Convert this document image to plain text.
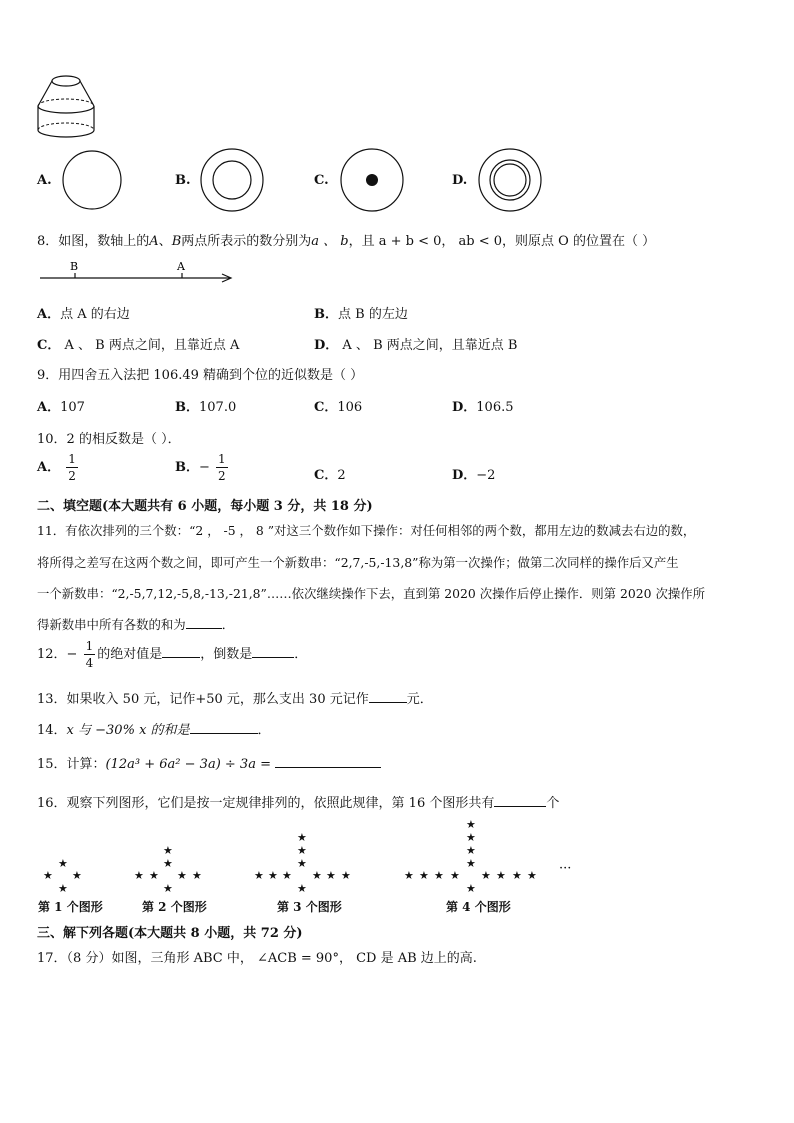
A.	B.	C.	D.
8．如图，数轴上的A、B两点所表示的数分别为a 、 b，且 a + b < 0， ab < 0，则原点 O 的位置在（ ）
B	A
A．点 A 的右边	B．点 B 的左边
C． A 、 B 两点之间，且靠近点 A	D． A 、 B 两点之间，且靠近点 B
9．用四舍五入法把 106.49 精确到个位的近似数是（ ）
A．107	B．107.0	C．106	D．106.5
10．2 的相反数是（ ）．
A． $\frac{1}{2}$	B．− $\frac{1}{2}$	C．2	D．−2
二、填空题(本大题共有 6 小题，每小题 3 分，共 18 分)
11．有依次排列的三个数：“2 ， -5 ， 8 ”对这三个数作如下操作：对任何相邻的两个数，都用左边的数减去右边的数，
将所得之差写在这两个数之间，即可产生一个新数串：“2,7,-5,-13,8”称为第一次操作；做第二次同样的操作后又产生
一个新数串：“2,-5,7,12,-5,8,-13,-21,8”……依次继续操作下去，直到第 2020 次操作后停止操作．则第 2020 次操作所
得新数串中所有各数的和为	．
12．− $\frac{1}{4}$ 的绝对值是	，倒数是	．
13．如果收入 50 元，记作+50 元，那么支出 30 元记作	元．
14．x 与 −30% x 的和是	．
15．计算：(12a³ + 6a² − 3a) ÷ 3a =
16．观察下列图形，它们是按一定规律排列的，依照此规律，第 16 个图形共有	个
★
★ ★
★
★
★
★ ★ ★ ★
★
★
★
★
★ ★ ★ ★ ★ ★
★
★
★
★
★
★ ★ ★ ★ ★ ★ ★ ★
★
···
第 1 个图形	第 2 个图形	第 3 个图形	第 4 个图形
三、解下列各题(本大题共 8 小题，共 72 分)
17．（8 分）如图，三角形 ABC 中， ∠ACB = 90°， CD 是 AB 边上的高.
